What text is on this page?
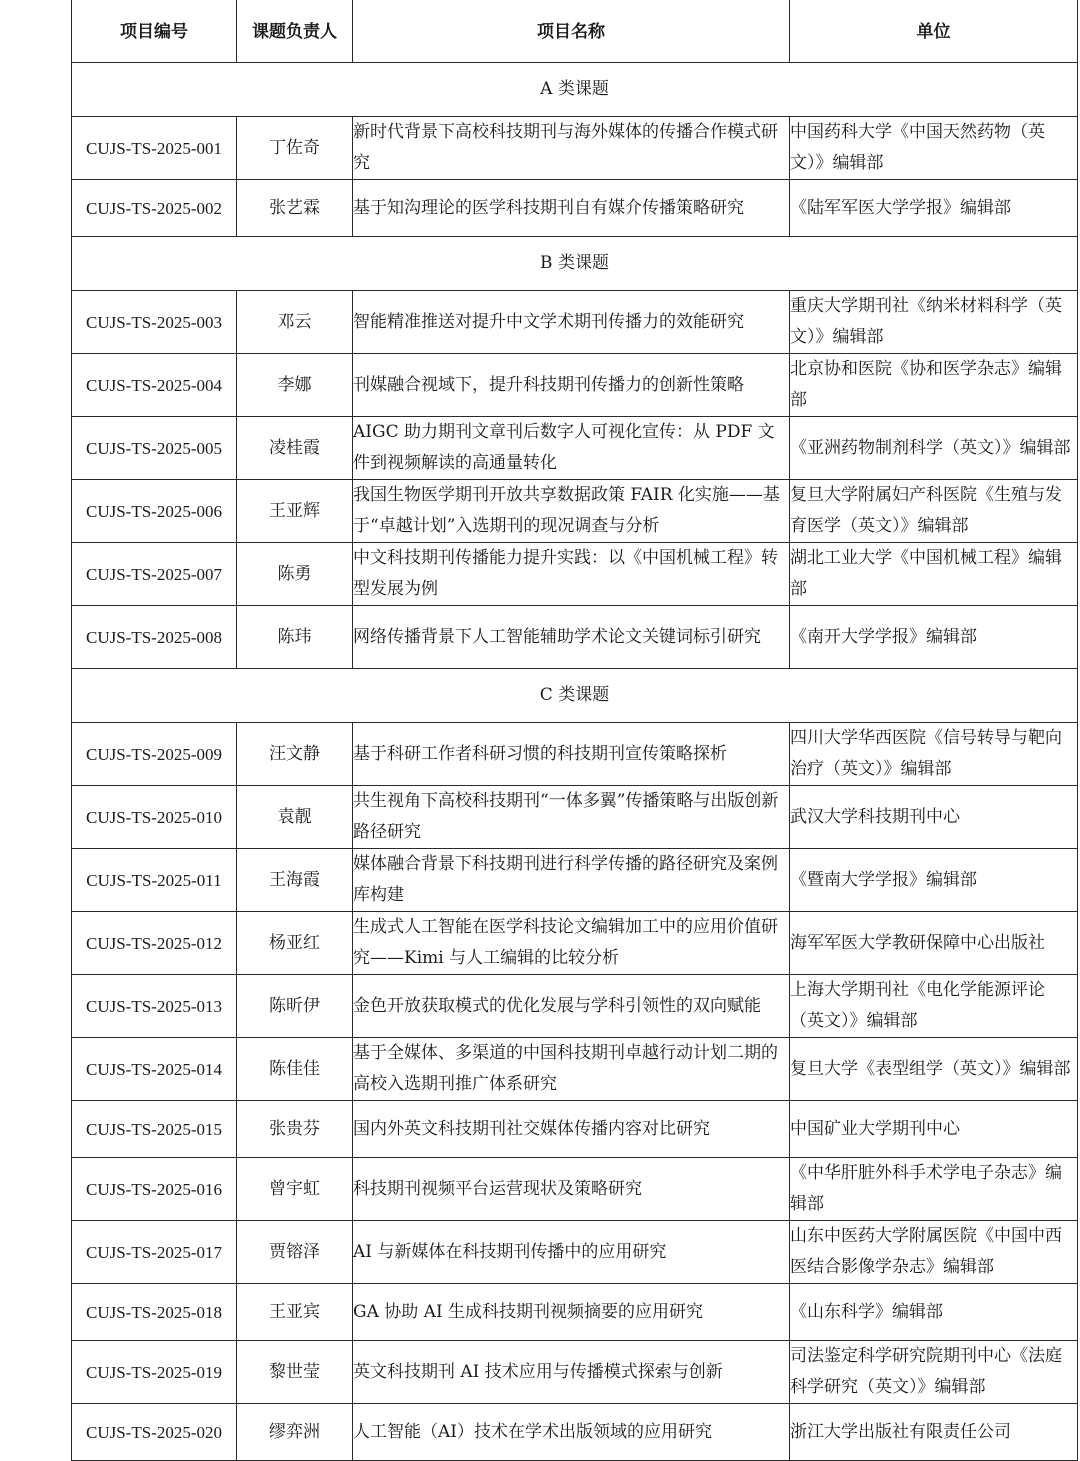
项目编号	课题负责人	项目名称	单位
A 类课题			
CUJS-TS-2025-001	丁佐奇	新时代背景下高校科技期刊与海外媒体的传播合作模式研究	中国药科大学《中国天然药物（英文）》编辑部
CUJS-TS-2025-002	张艺霖	基于知沟理论的医学科技期刊自有媒介传播策略研究	《陆军军医大学学报》编辑部
B 类课题			
CUJS-TS-2025-003	邓云	智能精准推送对提升中文学术期刊传播力的效能研究	重庆大学期刊社《纳米材料科学（英文）》编辑部
CUJS-TS-2025-004	李娜	刊媒融合视域下，提升科技期刊传播力的创新性策略	北京协和医院《协和医学杂志》编辑部
CUJS-TS-2025-005	凌桂霞	AIGC 助力期刊文章刊后数字人可视化宣传：从 PDF 文件到视频解读的高通量转化	《亚洲药物制剂科学（英文）》编辑部
CUJS-TS-2025-006	王亚辉	我国生物医学期刊开放共享数据政策 FAIR 化实施——基于“卓越计划”入选期刊的现况调查与分析	复旦大学附属妇产科医院《生殖与发育医学（英文）》编辑部
CUJS-TS-2025-007	陈勇	中文科技期刊传播能力提升实践：以《中国机械工程》转型发展为例	湖北工业大学《中国机械工程》编辑部
CUJS-TS-2025-008	陈玮	网络传播背景下人工智能辅助学术论文关键词标引研究	《南开大学学报》编辑部
C 类课题			
CUJS-TS-2025-009	汪文静	基于科研工作者科研习惯的科技期刊宣传策略探析	四川大学华西医院《信号转导与靶向治疗（英文）》编辑部
CUJS-TS-2025-010	袁靓	共生视角下高校科技期刊“一体多翼”传播策略与出版创新路径研究	武汉大学科技期刊中心
CUJS-TS-2025-011	王海霞	媒体融合背景下科技期刊进行科学传播的路径研究及案例库构建	《暨南大学学报》编辑部
CUJS-TS-2025-012	杨亚红	生成式人工智能在医学科技论文编辑加工中的应用价值研究——Kimi 与人工编辑的比较分析	海军军医大学教研保障中心出版社
CUJS-TS-2025-013	陈昕伊	金色开放获取模式的优化发展与学科引领性的双向赋能	上海大学期刊社《电化学能源评论（英文）》编辑部
CUJS-TS-2025-014	陈佳佳	基于全媒体、多渠道的中国科技期刊卓越行动计划二期的高校入选期刊推广体系研究	复旦大学《表型组学（英文）》编辑部
CUJS-TS-2025-015	张贵芬	国内外英文科技期刊社交媒体传播内容对比研究	中国矿业大学期刊中心
CUJS-TS-2025-016	曾宇虹	科技期刊视频平台运营现状及策略研究	《中华肝脏外科手术学电子杂志》编辑部
CUJS-TS-2025-017	贾镕泽	AI 与新媒体在科技期刊传播中的应用研究	山东中医药大学附属医院《中国中西医结合影像学杂志》编辑部
CUJS-TS-2025-018	王亚宾	GA 协助 AI 生成科技期刊视频摘要的应用研究	《山东科学》编辑部
CUJS-TS-2025-019	黎世莹	英文科技期刊 AI 技术应用与传播模式探索与创新	司法鉴定科学研究院期刊中心《法庭科学研究（英文）》编辑部
CUJS-TS-2025-020	缪弈洲	人工智能（AI）技术在学术出版领域的应用研究	浙江大学出版社有限责任公司
